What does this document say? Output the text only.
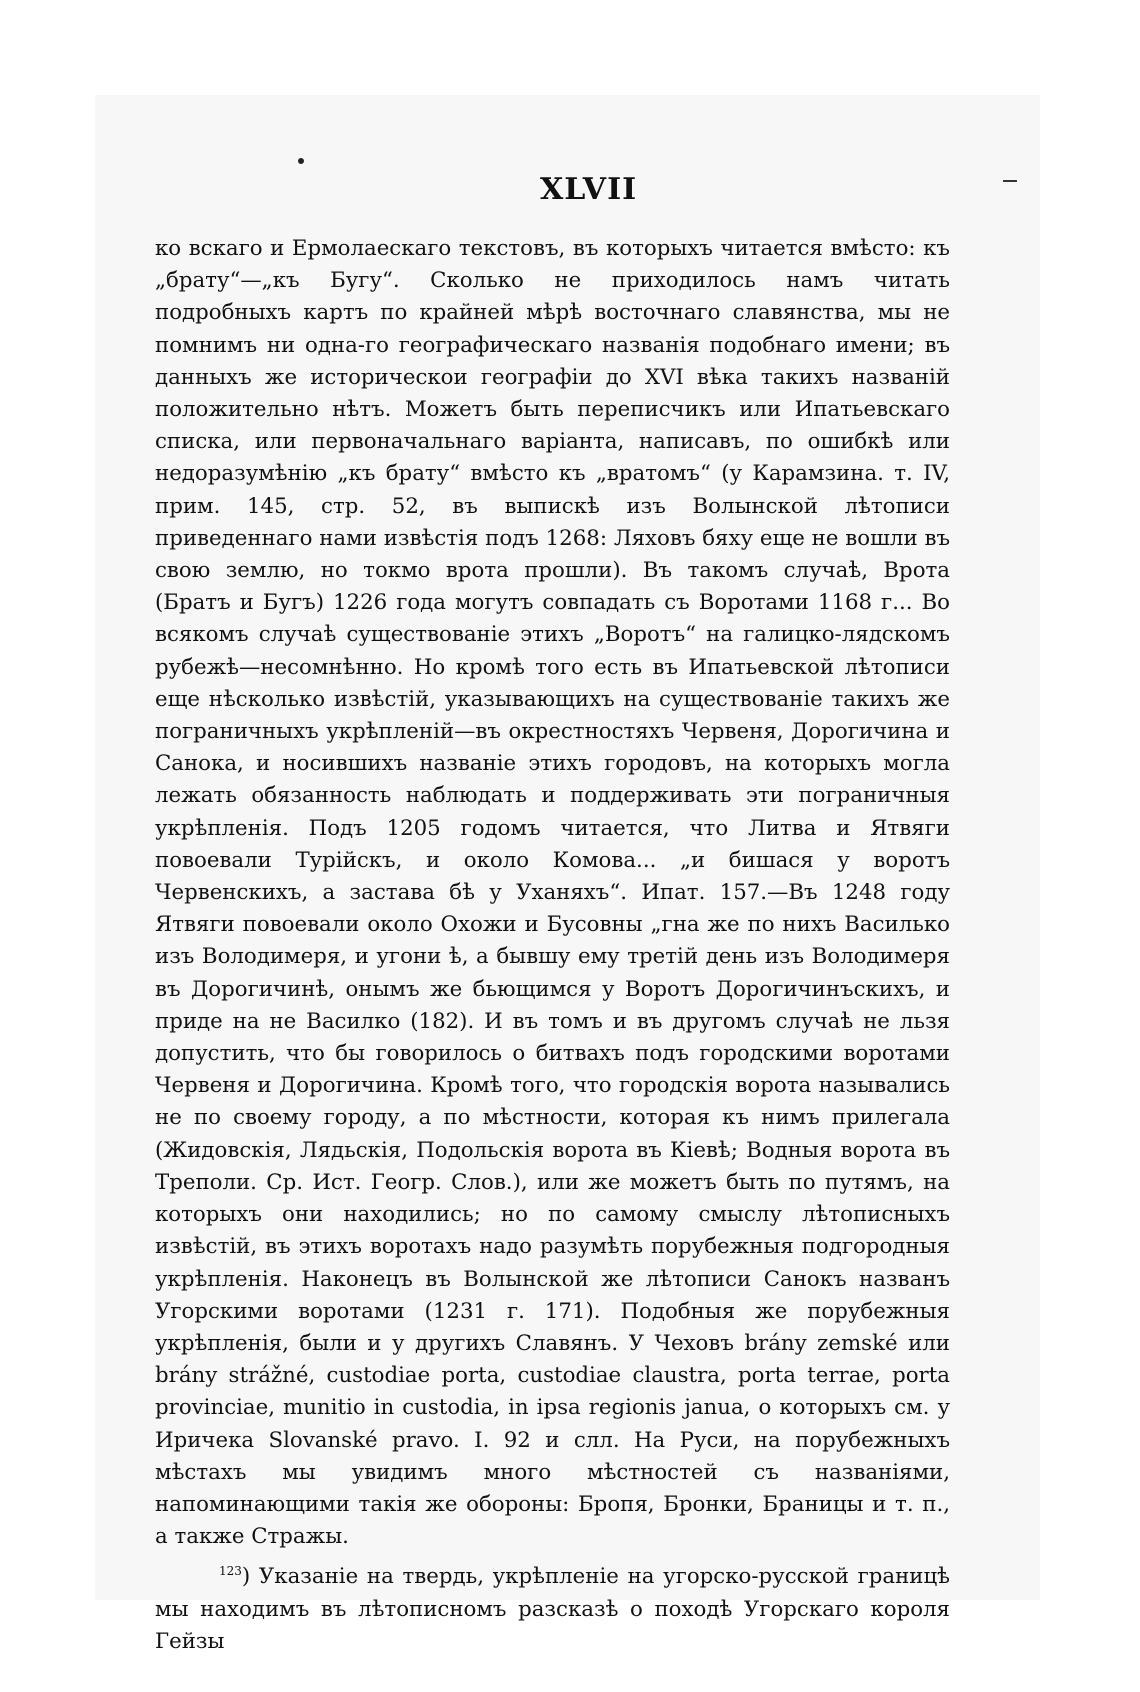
XLVII

ко вскаго и Ермолаескаго текстовъ, въ которыхъ читается вмѣсто: къ „брату“—„къ Бугу“. Сколько не приходилось намъ читать подробныхъ картъ по крайней мѣрѣ восточнаго славянства, мы не помнимъ ни одна-го географическаго названія подобнаго имени; въ данныхъ же историческои географіи до XVI вѣка такихъ названій положительно нѣтъ. Можетъ быть переписчикъ или Ипатьевскаго списка, или первоначальнаго варіанта, написавъ, по ошибкѣ или недоразумѣнію „къ брату“ вмѣсто къ „вратомъ“ (у Карамзина. т. IV, прим. 145, стр. 52, въ выпискѣ изъ Волынской лѣтописи приведеннаго нами извѣстія подъ 1268: Ляховъ бяху еще не вошли въ свою землю, но токмо врота прошли). Въ такомъ случаѣ, Врота (Братъ и Бугъ) 1226 года могутъ совпадать съ Воротами 1168 г... Во всякомъ случаѣ существованіе этихъ „Воротъ“ на галицко-лядскомъ рубежѣ—несомнѣнно. Но кромѣ того есть въ Ипатьевской лѣтописи еще нѣсколько извѣстій, указывающихъ на существованіе такихъ же пограничныхъ укрѣпленій—въ окрестностяхъ Червеня, Дорогичина и Санока, и носившихъ названіе этихъ городовъ, на которыхъ могла лежать обязанность наблюдать и поддерживать эти пограничныя укрѣпленія. Подъ 1205 годомъ читается, что Литва и Ятвяги повоевали Турійскъ, и около Комова... „и бишася у воротъ Червенскихъ, а застава бѣ у Уханяхъ“. Ипат. 157.—Въ 1248 году Ятвяги повоевали около Охожи и Бусовны „гна же по нихъ Василько изъ Володимеря, и угони ѣ, а бывшу ему третій день изъ Володимеря въ Дорогичинѣ, онымъ же бьющимся у Воротъ Дорогичинъскихъ, и приде на не Василко (182). И въ томъ и въ другомъ случаѣ не льзя допустить, что бы говорилось о битвахъ подъ городскими воротами Червеня и Дорогичина. Кромѣ того, что городскія ворота назывались не по своему городу, а по мѣстности, которая къ нимъ прилегала (Жидовскія, Лядьскія, Подольскія ворота въ Кіевѣ; Водныя ворота въ Треполи. Ср. Ист. Геогр. Слов.), или же можетъ быть по путямъ, на которыхъ они находились; но по самому смыслу лѣтописныхъ извѣстій, въ этихъ воротахъ надо разумѣть порубежныя подгородныя укрѣпленія. Наконецъ въ Волынской же лѣтописи Санокъ названъ Угорскими воротами (1231 г. 171). Подобныя же порубежныя укрѣпленія, были и у другихъ Славянъ. У Чеховъ brány zemské или brány strážné, custodiae porta, custodiae claustra, porta terrae, porta provinciae, munitio in custodia, in ipsa regionis janua, о которыхъ см. у Иричека Slovanské pravo. I. 92 и слл. На Руси, на порубежныхъ мѣстахъ мы увидимъ много мѣстностей съ названіями, напоминающими такія же обороны: Бропя, Бронки, Браницы и т. п., а также Стражы.

$^{123}$) Указаніе на твердь, укрѣпленіе на угорско-русской границѣ мы находимъ въ лѣтописномъ разсказѣ о походѣ Угорскаго короля Гейзы
